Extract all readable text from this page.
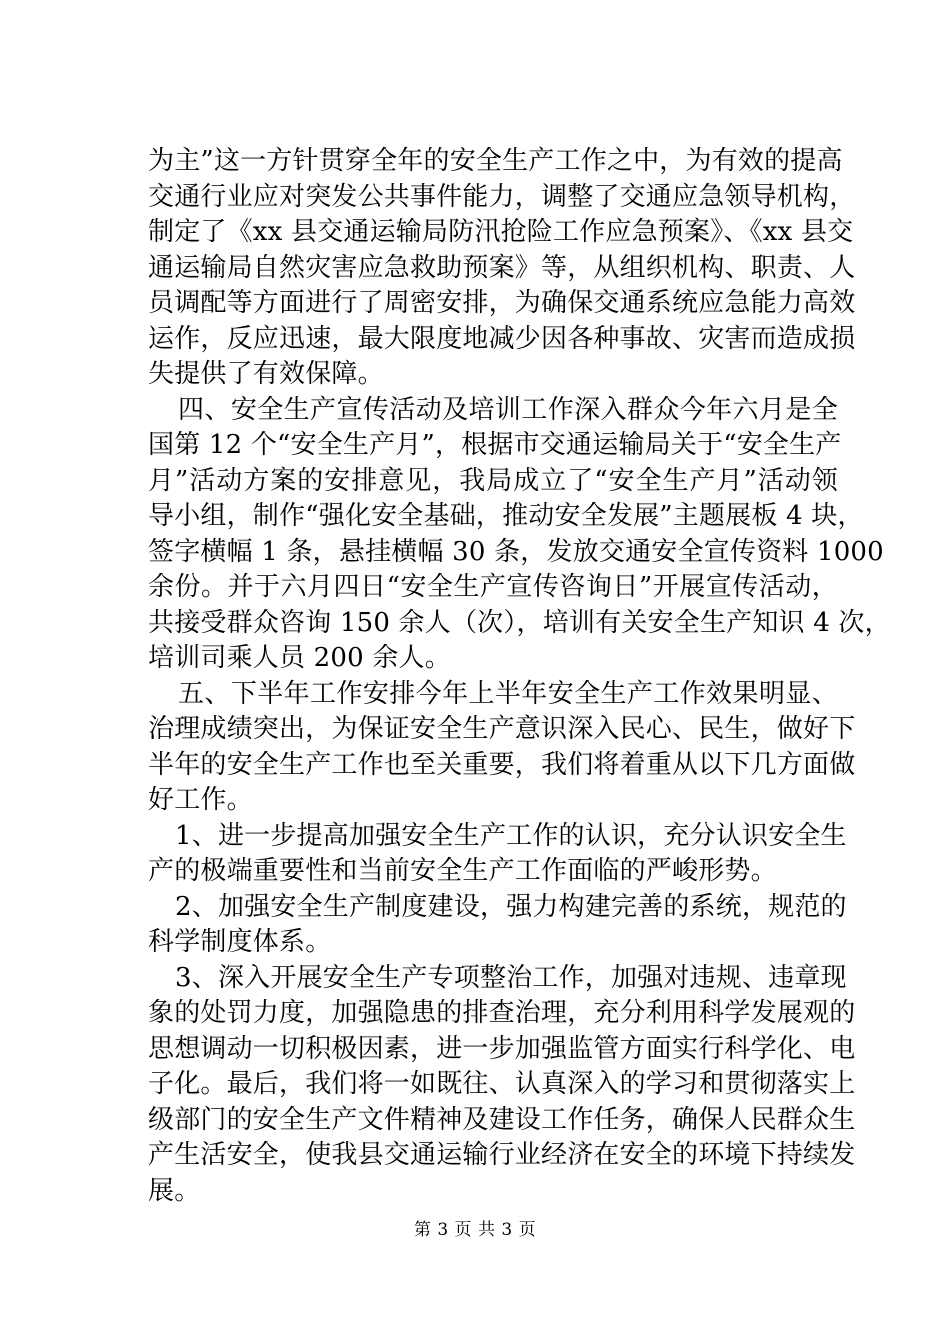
为主”这一方针贯穿全年的安全生产工作之中，为有效的提高
交通行业应对突发公共事件能力，调整了交通应急领导机构，
制定了《xx 县交通运输局防汛抢险工作应急预案》、《xx 县交
通运输局自然灾害应急救助预案》等，从组织机构、职责、人
员调配等方面进行了周密安排，为确保交通系统应急能力高效
运作，反应迅速，最大限度地减少因各种事故、灾害而造成损
失提供了有效保障。
四、安全生产宣传活动及培训工作深入群众今年六月是全
国第 12 个“安全生产月”，根据市交通运输局关于“安全生产
月”活动方案的安排意见，我局成立了“安全生产月”活动领
导小组，制作“强化安全基础，推动安全发展”主题展板 4 块，
签字横幅 1 条，悬挂横幅 30 条，发放交通安全宣传资料 1000
余份。并于六月四日“安全生产宣传咨询日”开展宣传活动，
共接受群众咨询 150 余人（次），培训有关安全生产知识 4 次，
培训司乘人员 200 余人。
五、下半年工作安排今年上半年安全生产工作效果明显、
治理成绩突出，为保证安全生产意识深入民心、民生，做好下
半年的安全生产工作也至关重要，我们将着重从以下几方面做
好工作。
1、进一步提高加强安全生产工作的认识，充分认识安全生
产的极端重要性和当前安全生产工作面临的严峻形势。
2、加强安全生产制度建设，强力构建完善的系统，规范的
科学制度体系。
3、深入开展安全生产专项整治工作，加强对违规、违章现
象的处罚力度，加强隐患的排查治理，充分利用科学发展观的
思想调动一切积极因素，进一步加强监管方面实行科学化、电
子化。最后，我们将一如既往、认真深入的学习和贯彻落实上
级部门的安全生产文件精神及建设工作任务，确保人民群众生
产生活安全，使我县交通运输行业经济在安全的环境下持续发
展。
第 3 页 共 3 页
